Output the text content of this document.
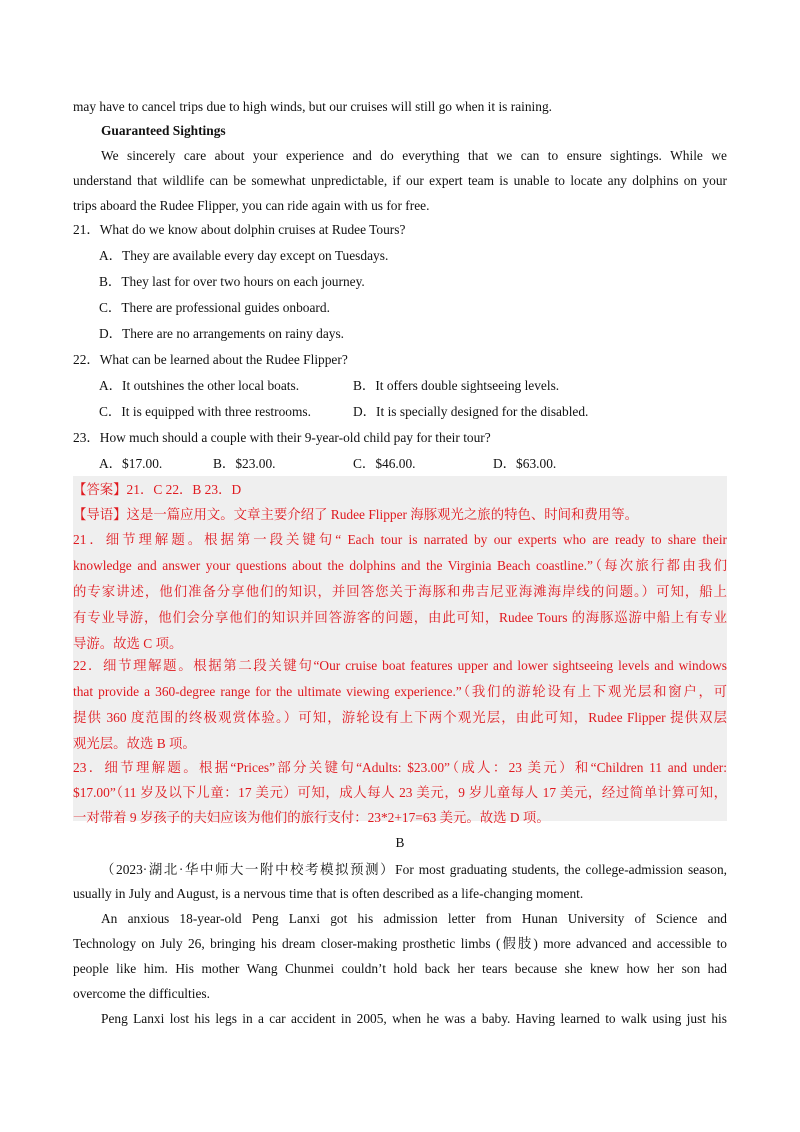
may have to cancel trips due to high winds, but our cruises will still go when it is raining.
Guaranteed Sightings
We sincerely care about your experience and do everything that we can to ensure sightings. While we
understand that wildlife can be somewhat unpredictable, if our expert team is unable to locate any dolphins on your
trips aboard the Rudee Flipper, you can ride again with us for free.
21．What do we know about dolphin cruises at Rudee Tours?
A．They are available every day except on Tuesdays.
B．They last for over two hours on each journey.
C．There are professional guides onboard.
D．There are no arrangements on rainy days.
22．What can be learned about the Rudee Flipper?
A．It outshines the other local boats.	B．It offers double sightseeing levels.
C．It is equipped with three restrooms.	D．It is specially designed for the disabled.
23．How much should a couple with their 9-year-old child pay for their tour?
A．$17.00.	B．$23.00.	C．$46.00.	D．$63.00.
【答案】21．C 22．B 23．D
【导语】这是一篇应用文。文章主要介绍了 Rudee Flipper 海豚观光之旅的特色、时间和费用等。
21．细节理解题。根据第一段关键句“ Each tour is narrated by our experts who are ready to share their
knowledge and answer your questions about the dolphins and the Virginia Beach coastline.”（每次旅行都由我们
的专家讲述，他们准备分享他们的知识，并回答您关于海豚和弗吉尼亚海滩海岸线的问题。）可知，船上
有专业导游，他们会分享他们的知识并回答游客的问题，由此可知，Rudee Tours 的海豚巡游中船上有专业
导游。故选 C 项。
22．细节理解题。根据第二段关键句“Our cruise boat features upper and lower sightseeing levels and windows
that provide a 360-degree range for the ultimate viewing experience.”（我们的游轮设有上下观光层和窗户，可
提供 360 度范围的终极观赏体验。）可知，游轮设有上下两个观光层，由此可知，Rudee Flipper 提供双层
观光层。故选 B 项。
23．细节理解题。根据“Prices”部分关键句“Adults: $23.00”（成人：23 美元）和“Children 11 and under:
$17.00”（11 岁及以下儿童：17 美元）可知，成人每人 23 美元，9 岁儿童每人 17 美元，经过简单计算可知，
一对带着 9 岁孩子的夫妇应该为他们的旅行支付：23*2+17=63 美元。故选 D 项。
B
（2023·湖北·华中师大一附中校考模拟预测）For most graduating students, the college-admission season,
usually in July and August, is a nervous time that is often described as a life-changing moment.
An anxious 18-year-old Peng Lanxi got his admission letter from Hunan University of Science and
Technology on July 26, bringing his dream closer-making prosthetic limbs (假肢) more advanced and accessible to
people like him. His mother Wang Chunmei couldn’t hold back her tears because she knew how her son had
overcome the difficulties.
Peng Lanxi lost his legs in a car accident in 2005, when he was a baby. Having learned to walk using just his
